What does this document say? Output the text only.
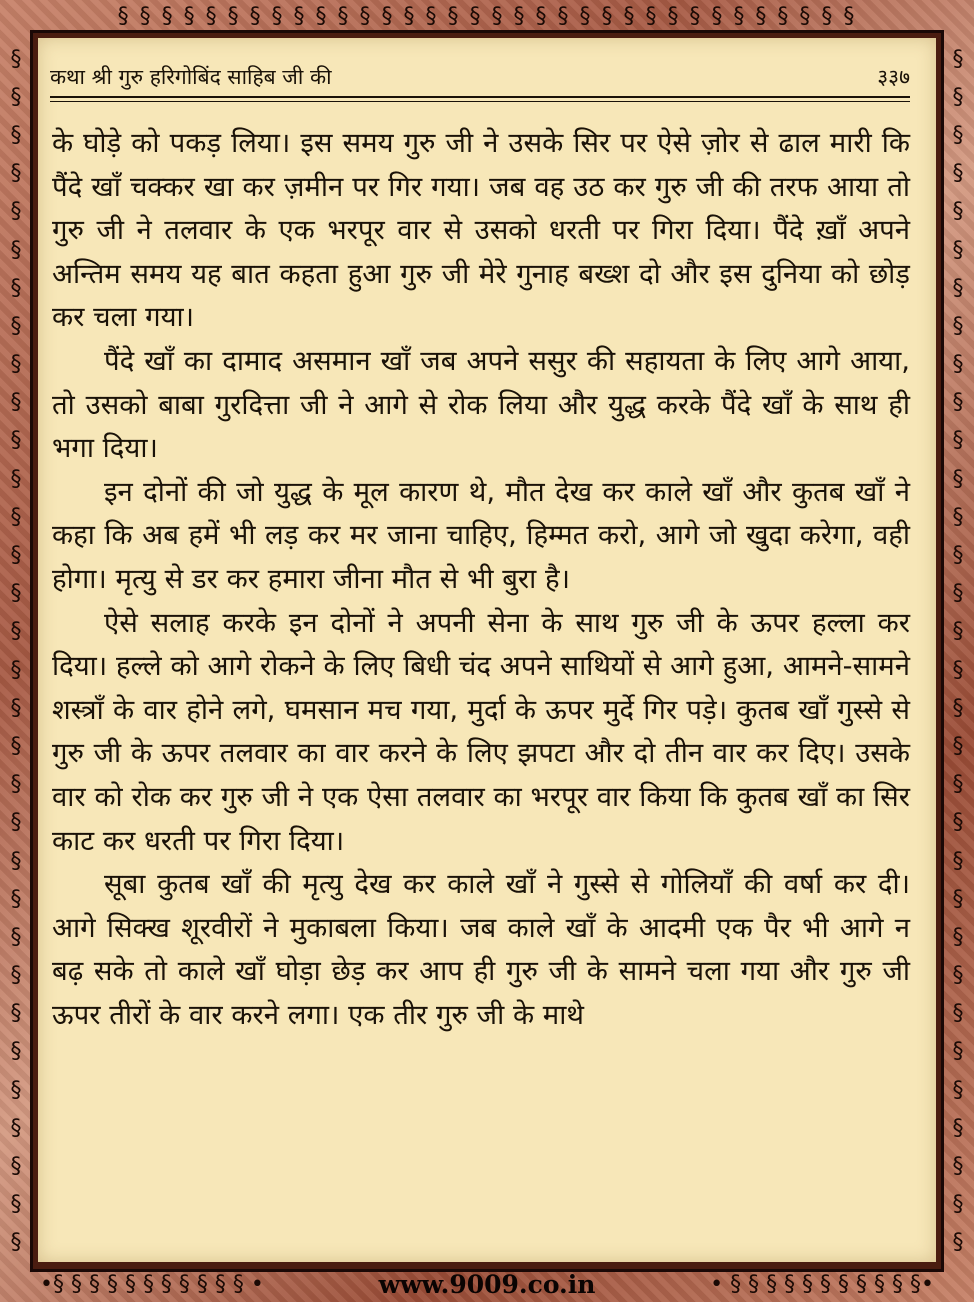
§ § § § § § § § § § § § § § § § § § § § § § § § § § § § § § § § § §
§
§
§
§
§
§
§
§
§
§
§
§
§
§
§
§
§
§
§
§
§
§
§
§
§
§
§
§
§
§
§
§
§
§
§
§
§
§
§
§
§
§
§
§
§
§
§
§
§
§
§
§
§
§
§
§
§
§
§
§
§
§
§
§
•§ § § § § § § § § § § •	• § § § § § § § § § § §•
कथा श्री गुरु हरिगोबिंद साहिब जी की	३३७

के घोड़े को पकड़ लिया। इस समय गुरु जी ने उसके सिर पर ऐसे ज़ोर से ढाल मारी कि पैंदे खाँ चक्कर खा कर ज़मीन पर गिर गया। जब वह उठ कर गुरु जी की तरफ आया तो गुरु जी ने तलवार के एक भरपूर वार से उसको धरती पर गिरा दिया। पैंदे ख़ाँ अपने अन्तिम समय यह बात कहता हुआ गुरु जी मेरे गुनाह बख्श दो और इस दुनिया को छोड़ कर चला गया।

पैंदे खाँ का दामाद असमान खाँ जब अपने ससुर की सहायता के लिए आगे आया, तो उसको बाबा गुरदित्ता जी ने आगे से रोक लिया और युद्ध करके पैंदे खाँ के साथ ही भगा दिया।

इन दोनों की जो युद्ध के मूल कारण थे, मौत देख कर काले खाँ और कुतब खाँ ने कहा कि अब हमें भी लड़ कर मर जाना चाहिए, हिम्मत करो, आगे जो खुदा करेगा, वही होगा। मृत्यु से डर कर हमारा जीना मौत से भी बुरा है।

ऐसे सलाह करके इन दोनों ने अपनी सेना के साथ गुरु जी के ऊपर हल्ला कर दिया। हल्ले को आगे रोकने के लिए बिधी चंद अपने साथियों से आगे हुआ, आमने-सामने शस्त्राँ के वार होने लगे, घमसान मच गया, मुर्दा के ऊपर मुर्दे गिर पड़े। कुतब खाँ गुस्से से गुरु जी के ऊपर तलवार का वार करने के लिए झपटा और दो तीन वार कर दिए। उसके वार को रोक कर गुरु जी ने एक ऐसा तलवार का भरपूर वार किया कि कुतब खाँ का सिर काट कर धरती पर गिरा दिया।

सूबा कुतब खाँ की मृत्यु देख कर काले खाँ ने गुस्से से गोलियाँ की वर्षा कर दी। आगे सिक्ख शूरवीरों ने मुकाबला किया। जब काले खाँ के आदमी एक पैर भी आगे न बढ़ सके तो काले खाँ घोड़ा छेड़ कर आप ही गुरु जी के सामने चला गया और गुरु जी ऊपर तीरों के वार करने लगा। एक तीर गुरु जी के माथे

www.9009.co.in
